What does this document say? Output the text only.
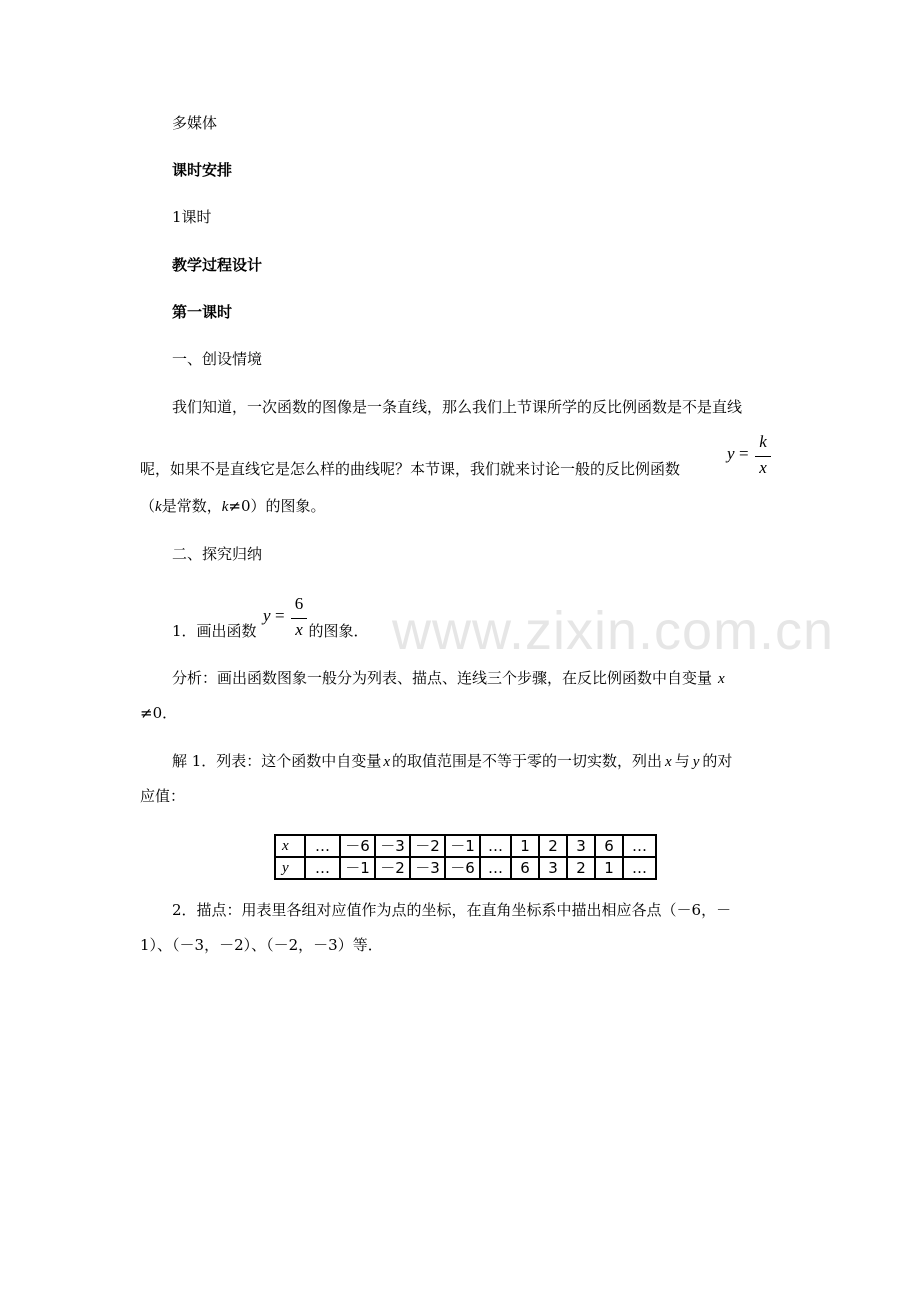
www.zixin.com.cn
多媒体
课时安排
1课时
教学过程设计
第一课时
一、创设情境
我们知道，一次函数的图像是一条直线，那么我们上节课所学的反比例函数是不是直线
呢，如果不是直线它是怎么样的曲线呢？本节课，我们就来讨论一般的反比例函数
y =
k
x
（k是常数，k≠0）的图象。
二、探究归纳
1．画出函数	的图象．
y =
6
x
分析：画出函数图象一般分为列表、描点、连线三个步骤，在反比例函数中自变量 x
≠0．
解 1．列表：这个函数中自变量 x 的取值范围是不等于零的一切实数，列出 x 与 y 的对
应值：
x	…	－6	－3	－2	－1	…	1	2	3	6	…
y	…	－1	－2	－3	－6	…	6	3	2	1	…
2．描点：用表里各组对应值作为点的坐标，在直角坐标系中描出相应各点（－6，－
1）、（－3，－2）、（－2，－3）等．
